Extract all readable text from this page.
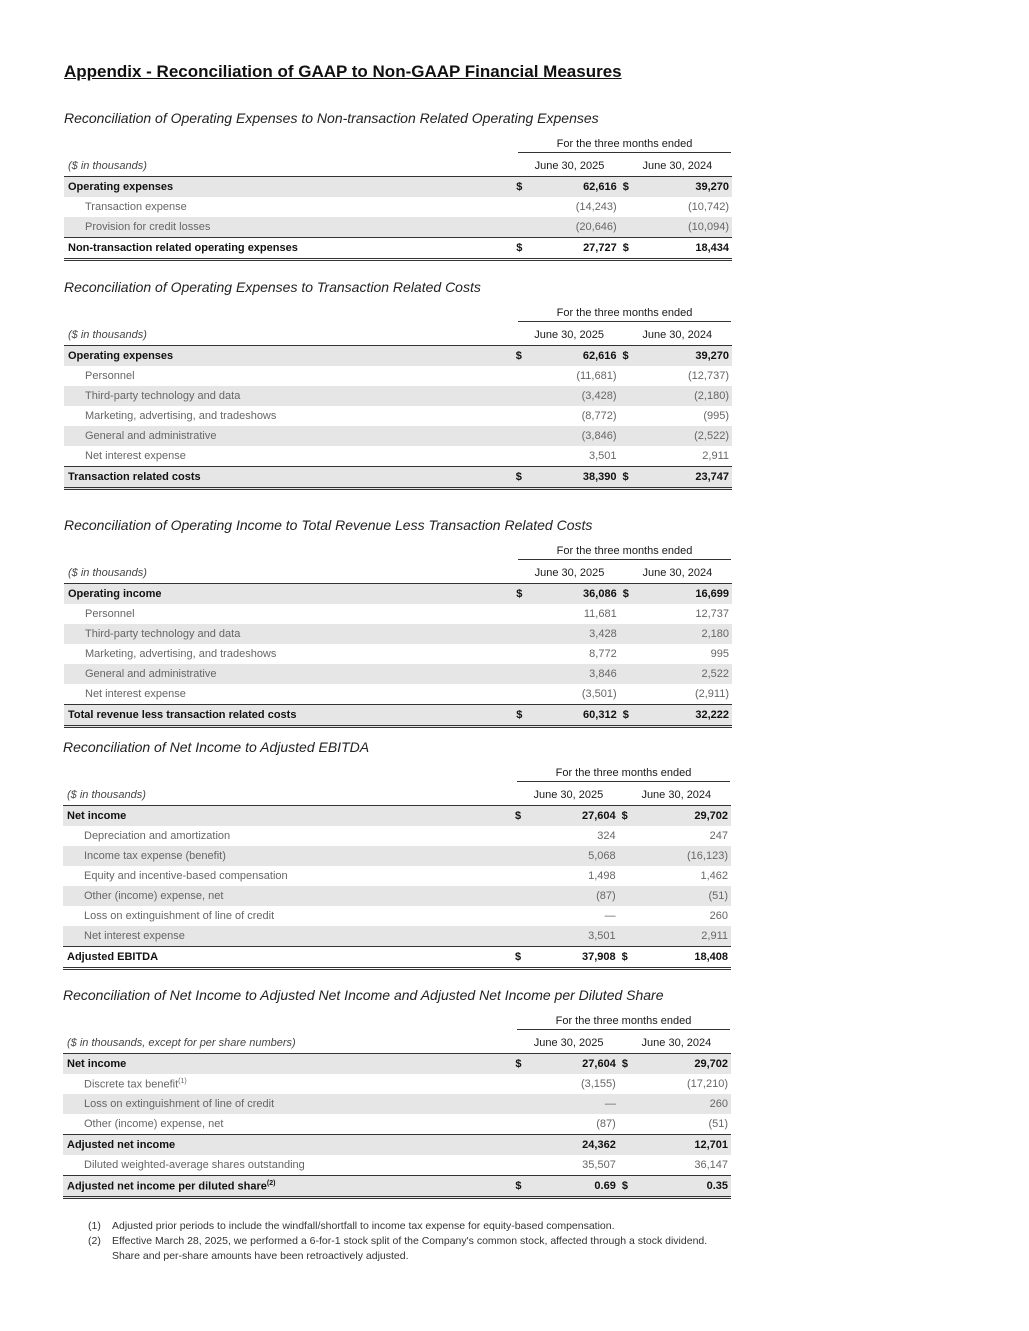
Appendix - Reconciliation of GAAP to Non-GAAP Financial Measures
Reconciliation of Operating Expenses to Non-transaction Related Operating Expenses
For the three months ended
($ in thousands)	June 30, 2025		June 30, 2024	
Operating expenses	$	62,616	$	39,270
Transaction expense		(14,243)		(10,742)
Provision for credit losses		(20,646)		(10,094)
Non-transaction related operating expenses	$	27,727	$	18,434
Reconciliation of Operating Expenses to Transaction Related Costs
For the three months ended
($ in thousands)	June 30, 2025		June 30, 2024	
Operating expenses	$	62,616	$	39,270
Personnel		(11,681)		(12,737)
Third-party technology and data		(3,428)		(2,180)
Marketing, advertising, and tradeshows		(8,772)		(995)
General and administrative		(3,846)		(2,522)
Net interest expense		3,501		2,911
Transaction related costs	$	38,390	$	23,747
Reconciliation of Operating Income to Total Revenue Less Transaction Related Costs
For the three months ended
($ in thousands)	June 30, 2025		June 30, 2024	
Operating income	$	36,086	$	16,699
Personnel		11,681		12,737
Third-party technology and data		3,428		2,180
Marketing, advertising, and tradeshows		8,772		995
General and administrative		3,846		2,522
Net interest expense		(3,501)		(2,911)
Total revenue less transaction related costs	$	60,312	$	32,222
Reconciliation of Net Income to Adjusted EBITDA
For the three months ended
($ in thousands)	June 30, 2025		June 30, 2024	
Net income	$	27,604	$	29,702
Depreciation and amortization		324		247
Income tax expense (benefit)		5,068		(16,123)
Equity and incentive-based compensation		1,498		1,462
Other (income) expense, net		(87)		(51)
Loss on extinguishment of line of credit		—		260
Net interest expense		3,501		2,911
Adjusted EBITDA	$	37,908	$	18,408
Reconciliation of Net Income to Adjusted Net Income and Adjusted Net Income per Diluted Share
For the three months ended
($ in thousands, except for per share numbers)	June 30, 2025		June 30, 2024	
Net income	$	27,604	$	29,702
Discrete tax benefit$^{(1)}$		(3,155)		(17,210)
Loss on extinguishment of line of credit		—		260
Other (income) expense, net		(87)		(51)
Adjusted net income		24,362		12,701
Diluted weighted-average shares outstanding		35,507		36,147
Adjusted net income per diluted share$^{(2)}$	$	0.69	$	0.35
(1)	Adjusted prior periods to include the windfall/shortfall to income tax expense for equity-based compensation.
(2)	Effective March 28, 2025, we performed a 6-for-1 stock split of the Company's common stock, affected through a stock dividend. Share and per-share amounts have been retroactively adjusted.
